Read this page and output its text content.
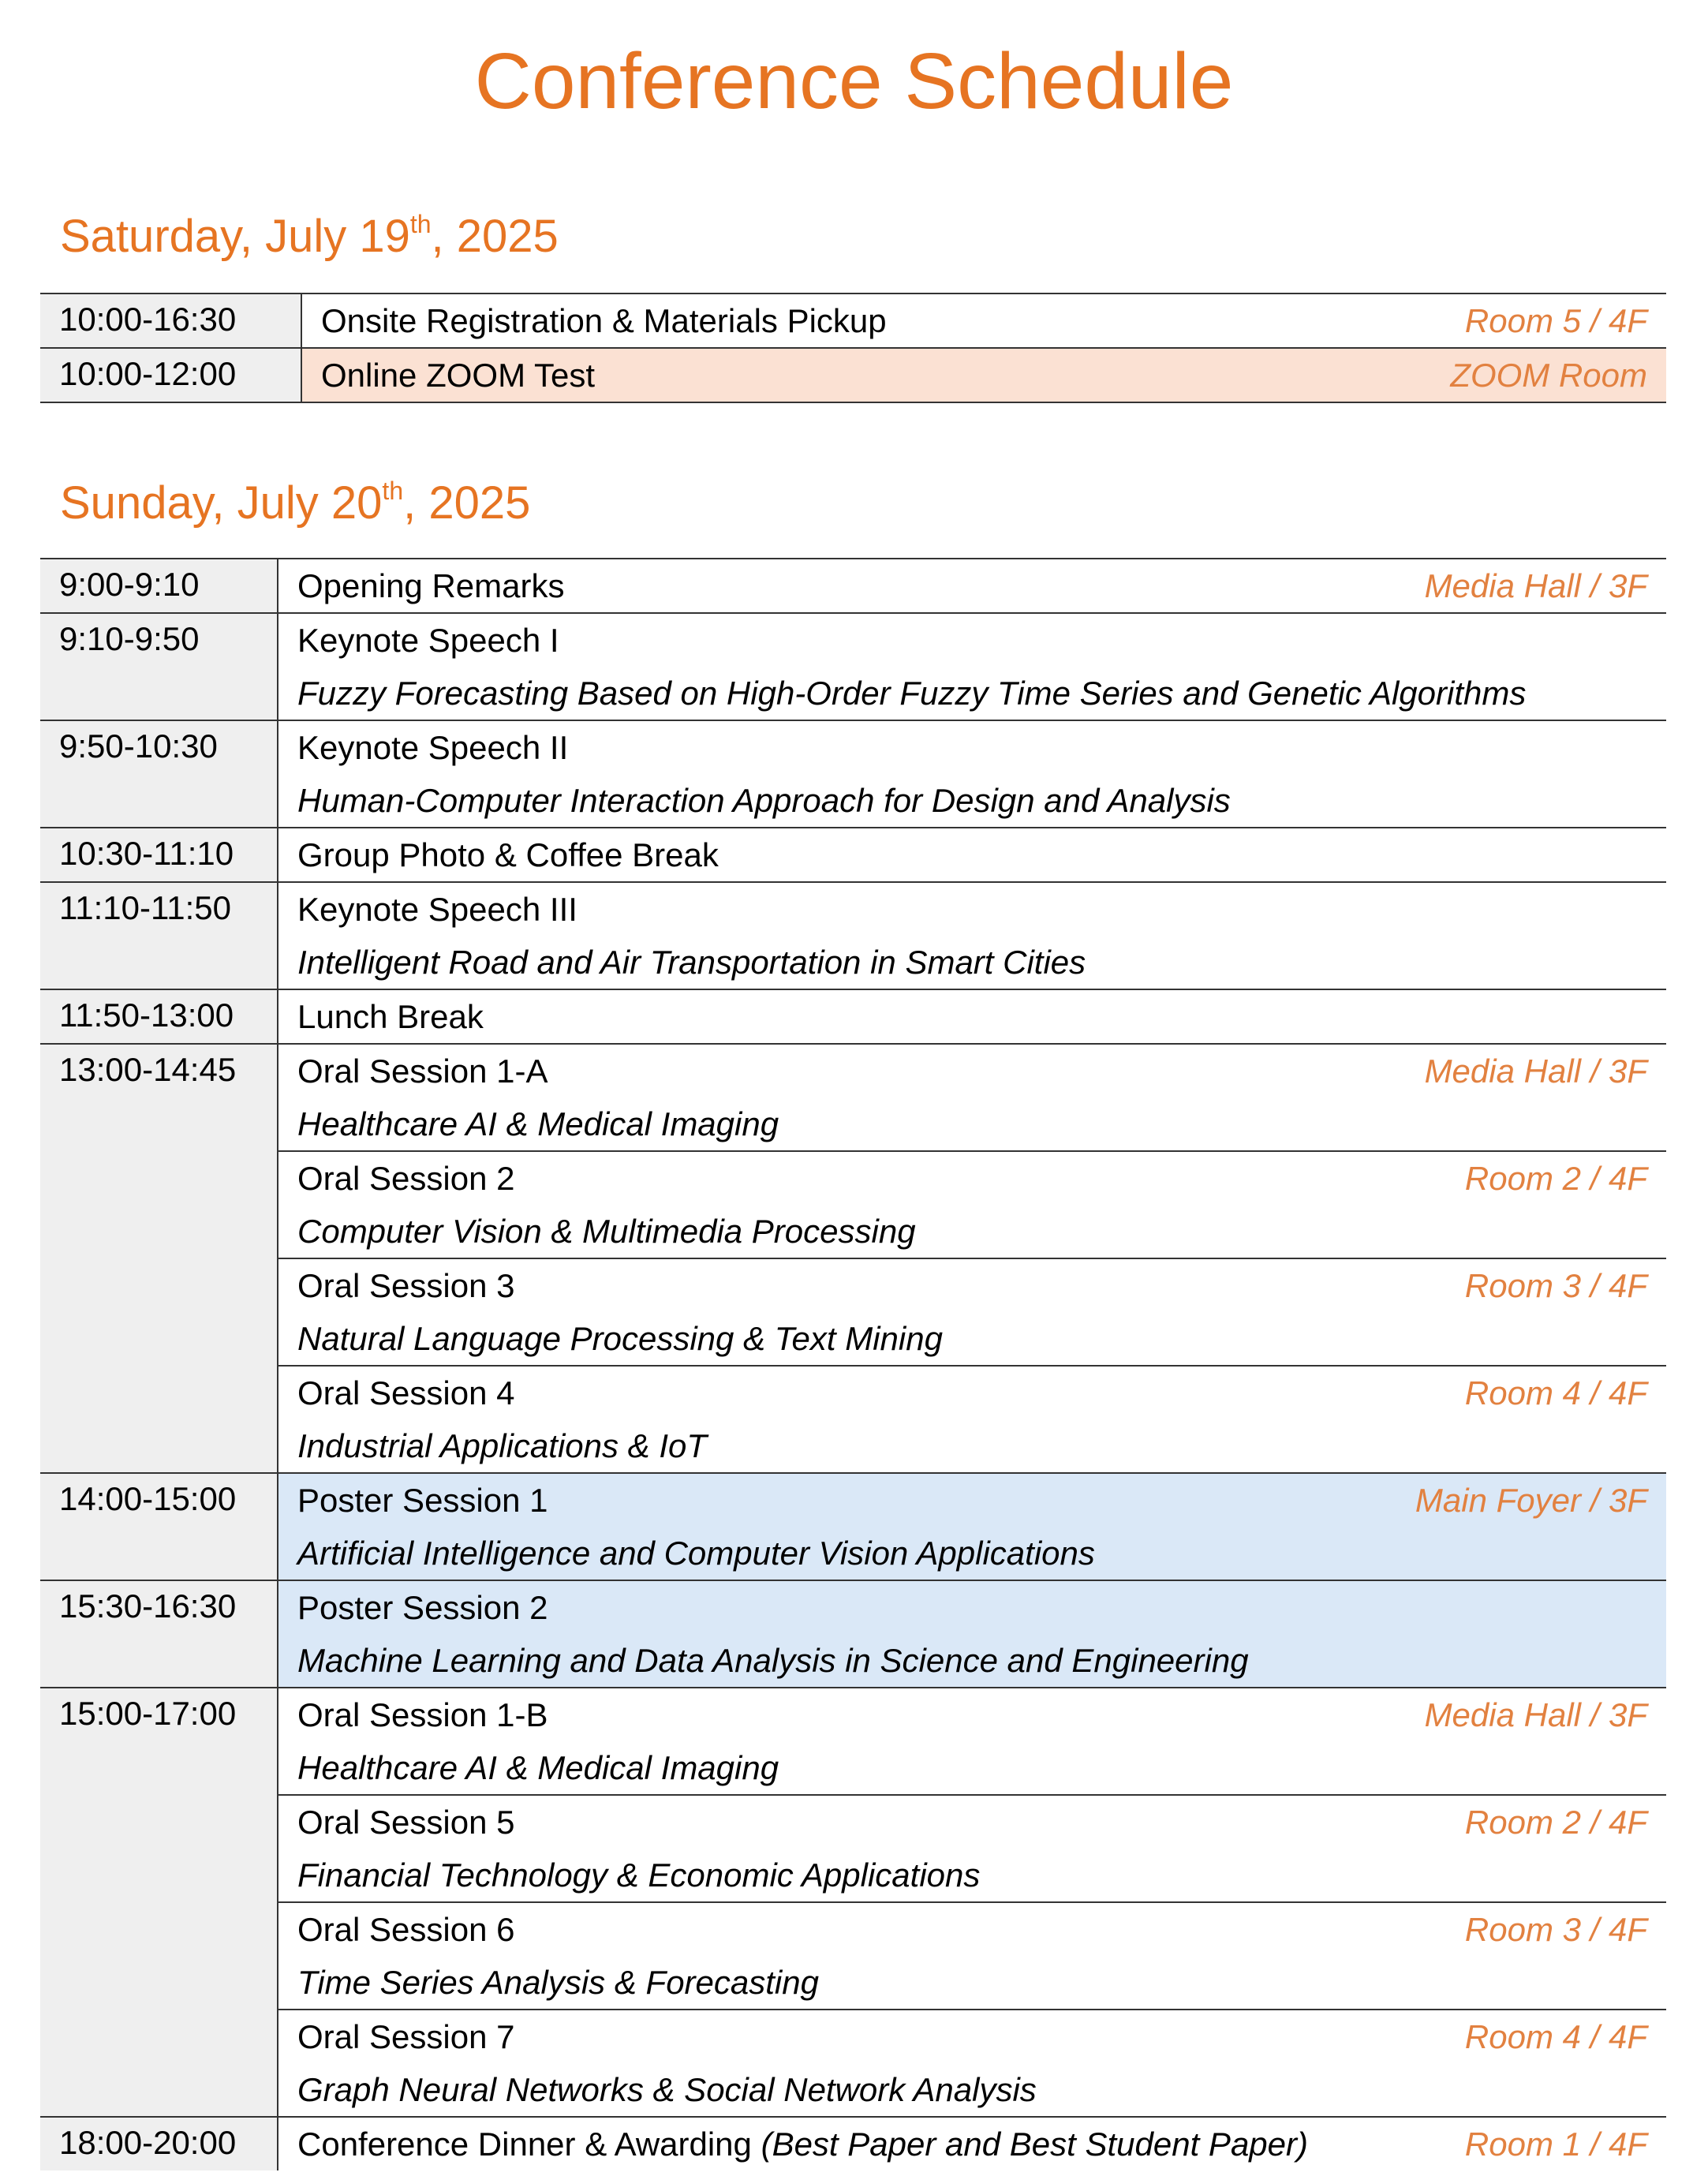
Conference Schedule
Saturday, July 19th, 2025
10:00-16:30	Onsite Registration & Materials Pickup Room 5 / 4F

10:00-12:00	Online ZOOM Test ZOOM Room
Sunday, July 20th, 2025
9:00-9:10	Opening Remarks Media Hall / 3F

9:10-9:50	Keynote Speech I
Fuzzy Forecasting Based on High-Order Fuzzy Time Series and Genetic Algorithms

9:50-10:30	Keynote Speech II
Human-Computer Interaction Approach for Design and Analysis

10:30-11:10	Group Photo & Coffee Break

11:10-11:50	Keynote Speech III
Intelligent Road and Air Transportation in Smart Cities

11:50-13:00	Lunch Break

13:00-14:45	Oral Session 1-A Media Hall / 3F
Healthcare AI & Medical Imaging

	Oral Session 2 Room 2 / 4F
Computer Vision & Multimedia Processing

	Oral Session 3 Room 3 / 4F
Natural Language Processing & Text Mining

	Oral Session 4 Room 4 / 4F
Industrial Applications & IoT

14:00-15:00	Poster Session 1 Main Foyer / 3F
Artificial Intelligence and Computer Vision Applications

15:30-16:30	Poster Session 2
Machine Learning and Data Analysis in Science and Engineering

15:00-17:00	Oral Session 1-B Media Hall / 3F
Healthcare AI & Medical Imaging

	Oral Session 5 Room 2 / 4F
Financial Technology & Economic Applications

	Oral Session 6 Room 3 / 4F
Time Series Analysis & Forecasting

	Oral Session 7 Room 4 / 4F
Graph Neural Networks & Social Network Analysis

18:00-20:00	Conference Dinner & Awarding (Best Paper and Best Student Paper) Room 1 / 4F
